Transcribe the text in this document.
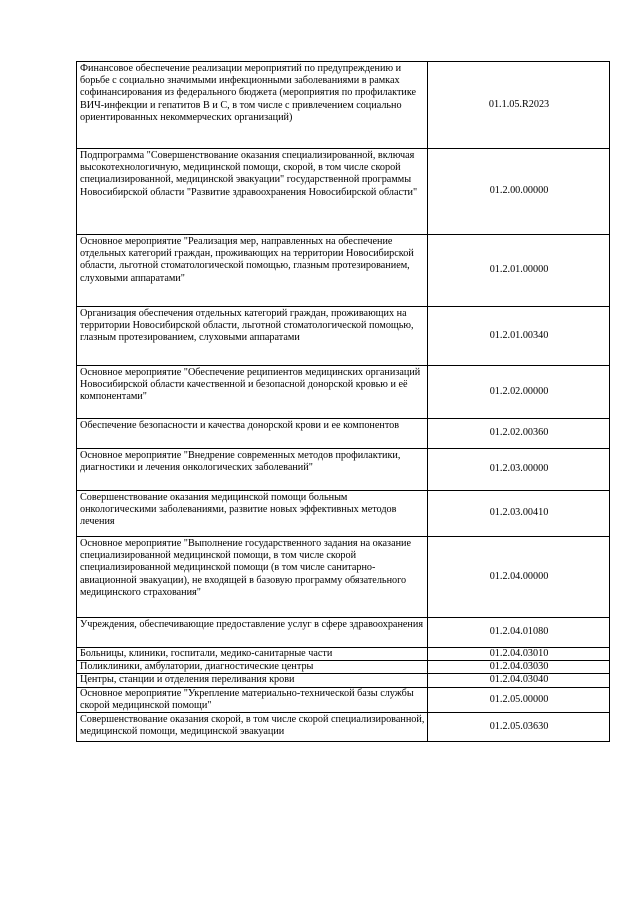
Финансовое обеспечение реализации мероприятий по предупреждению и борьбе с социально значимыми инфекционными заболеваниями в рамках софинансирования из федерального бюджета (мероприятия по профилактике ВИЧ-инфекции и гепатитов В и С, в том числе с привлечением социально ориентированных некоммерческих организаций)	01.1.05.R2023
Подпрограмма "Совершенствование оказания специализированной, включая высокотехнологичную, медицинской помощи, скорой, в том числе скорой специализированной, медицинской эвакуации" государственной программы Новосибирской области "Развитие здравоохранения Новосибирской области"	01.2.00.00000
Основное мероприятие "Реализация мер, направленных на обеспечение отдельных категорий граждан, проживающих на территории Новосибирской области, льготной стоматологической помощью, глазным протезированием, слуховыми аппаратами"	01.2.01.00000
Организация обеспечения отдельных категорий граждан, проживающих на территории Новосибирской области, льготной стоматологической помощью, глазным протезированием, слуховыми аппаратами	01.2.01.00340
Основное мероприятие "Обеспечение реципиентов медицинских организаций Новосибирской области качественной и безопасной донорской кровью и её компонентами"	01.2.02.00000
Обеспечение безопасности и качества донорской крови и ее компонентов	01.2.02.00360
Основное мероприятие "Внедрение современных методов профилактики, диагностики и лечения онкологических заболеваний"	01.2.03.00000
Совершенствование оказания медицинской помощи больным онкологическими заболеваниями, развитие новых эффективных методов лечения	01.2.03.00410
Основное мероприятие "Выполнение государственного задания на оказание специализированной медицинской помощи, в том числе скорой специализированной медицинской помощи (в том числе санитарно-авиационной эвакуации), не входящей в базовую программу обязательного медицинского страхования"	01.2.04.00000
Учреждения, обеспечивающие предоставление услуг в сфере здравоохранения	01.2.04.01080
Больницы, клиники, госпитали, медико-санитарные части	01.2.04.03010
Поликлиники, амбулатории, диагностические центры	01.2.04.03030
Центры, станции и отделения переливания крови	01.2.04.03040
Основное мероприятие "Укрепление материально-технической базы службы скорой медицинской помощи"	01.2.05.00000
Совершенствование оказания скорой, в том числе скорой специализированной, медицинской помощи, медицинской эвакуации	01.2.05.03630
